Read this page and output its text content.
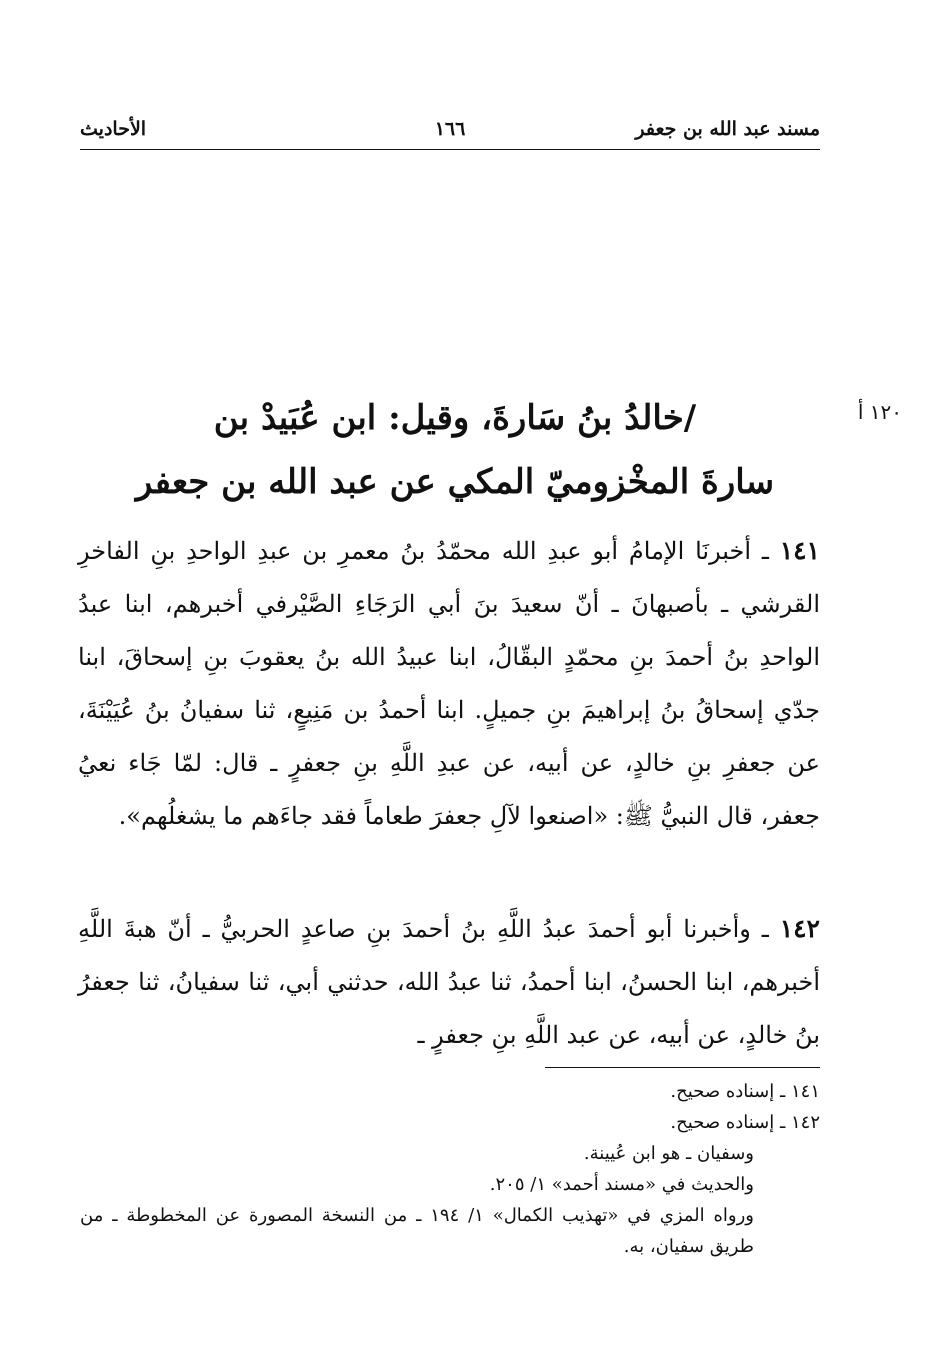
مسند عبد الله بن جعفر
١٦٦
الأحاديث
١٢٠ أ
/خالدُ بنُ سَارةَ، وقيل: ابن عُبَيدْ بن
سارةَ المخْزوميّ المكي عن عبد الله بن جعفر

١٤١ ـ أخبرنَا الإمامُ أبو عبدِ الله محمّدُ بنُ معمرِ بن عبدِ الواحدِ بنِ الفاخرِ القرشي ـ بأصبهانَ ـ أنّ سعيدَ بنَ أبي الرَجَاءِ الصَّيْرفي أخبرهم، ابنا عبدُ الواحدِ بنُ أحمدَ بنِ محمّدٍ البقّالُ، ابنا عبيدُ الله بنُ يعقوبَ بنِ إسحاقَ، ابنا جدّي إسحاقُ بنُ إبراهيمَ بنِ جميلٍ. ابنا أحمدُ بن مَنِيعٍ، ثنا سفيانُ بنُ عُيَيْنَةَ، عن جعفرِ بنِ خالدٍ، عن أبيه، عن عبدِ اللَّهِ بنِ جعفرٍ ـ قال: لمّا جَاء نعيُ جعفر، قال النبيُّ ﷺ: «اصنعوا لآلِ جعفرَ طعاماً فقد جاءَهم ما يشغلُهم».

١٤٢ ـ وأخبرنا أبو أحمدَ عبدُ اللَّهِ بنُ أحمدَ بنِ صاعدٍ الحربيُّ ـ أنّ هبةَ اللَّهِ أخبرهم، ابنا الحسنُ، ابنا أحمدُ، ثنا عبدُ الله، حدثني أبي، ثنا سفيانُ، ثنا جعفرُ بنُ خالدٍ، عن أبيه، عن عبد اللَّهِ بنِ جعفرٍ ـ

١٤١ ـ إسناده صحيح.
١٤٢ ـ إسناده صحيح.
وسفيان ـ هو ابن عُيينة.
والحديث في «مسند أحمد» ١/ ٢٠٥.
ورواه المزي في «تهذيب الكمال» ١/ ١٩٤ ـ من النسخة المصورة عن المخطوطة ـ من طريق سفيان، به.
